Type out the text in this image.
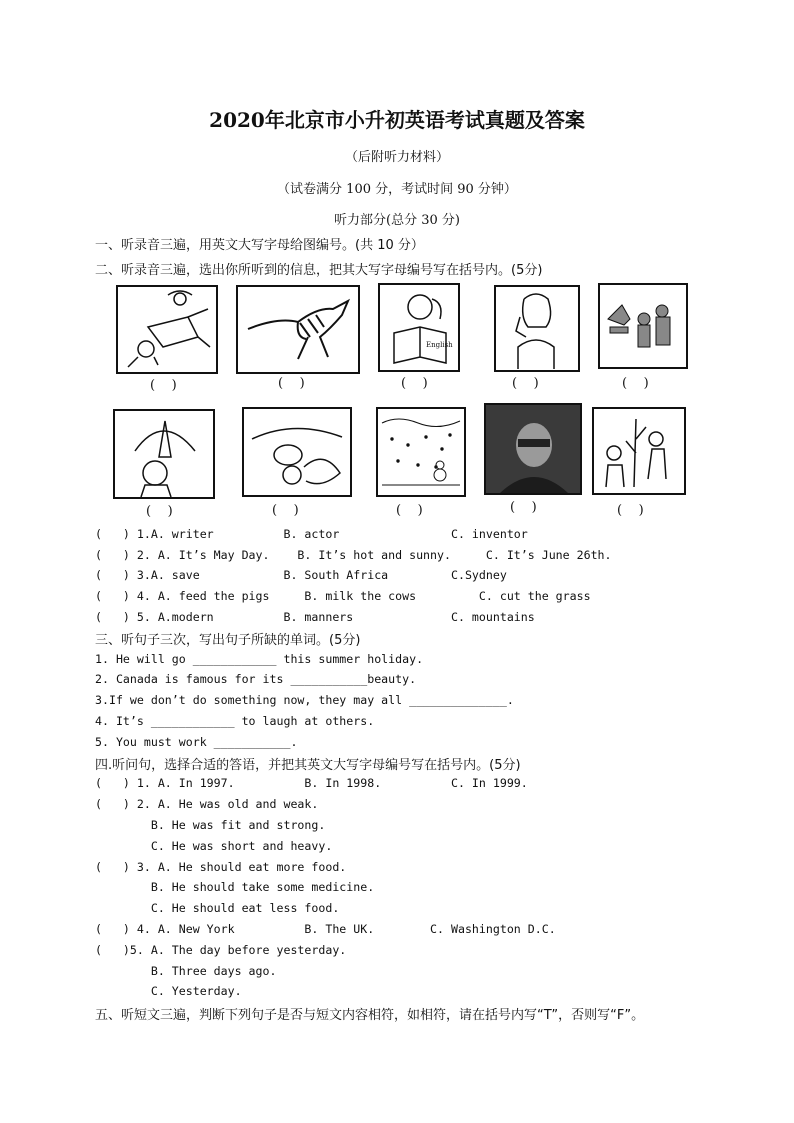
2020年北京市小升初英语考试真题及答案
（后附听力材料）
（试卷满分 100 分，考试时间 90 分钟）
听力部分(总分 30 分)
一、听录音三遍，用英文大写字母给图编号。(共 10 分）
二、听录音三遍，选出你所听到的信息，把其大写字母编号写在括号内。(5分)
(    )	(    )
English
(    )	(    )	(    )
(    )	(    )	(    )	(    )	(    )
(   ) 1.A. writer          B. actor                C. inventor
(   ) 2. A. It’s May Day.    B. It’s hot and sunny.     C. It’s June 26th.
(   ) 3.A. save            B. South Africa         C.Sydney
(   ) 4. A. feed the pigs     B. milk the cows         C. cut the grass
(   ) 5. A.modern          B. manners              C. mountains
三、听句子三次，写出句子所缺的单词。(5分)
1. He will go ____________ this summer holiday.
2. Canada is famous for its ___________beauty.
3.If we don’t do something now, they may all ______________.
4. It’s ____________ to laugh at others.
5. You must work ___________.
四.听问句，选择合适的答语，并把其英文大写字母编号写在括号内。(5分)
(   ) 1. A. In 1997.          B. In 1998.          C. In 1999.
(   ) 2. A. He was old and weak.
B. He was fit and strong.
C. He was short and heavy.
(   ) 3. A. He should eat more food.
B. He should take some medicine.
C. He should eat less food.
(   ) 4. A. New York          B. The UK.        C. Washington D.C.
(   )5. A. The day before yesterday.
B. Three days ago.
C. Yesterday.
五、听短文三遍，判断下列句子是否与短文内容相符，如相符，请在括号内写“T”，否则写“F”。
